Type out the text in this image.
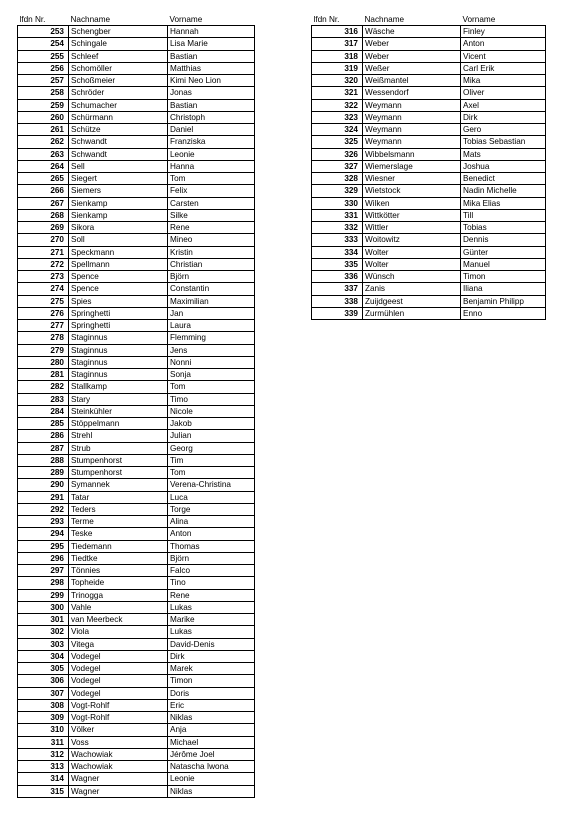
lfdn Nr.	Nachname	Vorname
253	Schengber	Hannah
254	Schingale	Lisa Marie
255	Schleef	Bastian
256	Schomöller	Matthias
257	Schoßmeier	Kimi Neo Lion
258	Schröder	Jonas
259	Schumacher	Bastian
260	Schürmann	Christoph
261	Schütze	Daniel
262	Schwandt	Franziska
263	Schwandt	Leonie
264	Sell	Hanna
265	Siegert	Tom
266	Siemers	Felix
267	Sienkamp	Carsten
268	Sienkamp	Silke
269	Sikora	Rene
270	Soll	Mineo
271	Speckmann	Kristin
272	Spellmann	Christian
273	Spence	Björn
274	Spence	Constantin
275	Spies	Maximilian
276	Springhetti	Jan
277	Springhetti	Laura
278	Staginnus	Flemming
279	Staginnus	Jens
280	Staginnus	Nonni
281	Staginnus	Sonja
282	Stallkamp	Tom
283	Stary	Timo
284	Steinkühler	Nicole
285	Stöppelmann	Jakob
286	Strehl	Julian
287	Strub	Georg
288	Stumpenhorst	Tim
289	Stumpenhorst	Tom
290	Symannek	Verena-Christina
291	Tatar	Luca
292	Teders	Torge
293	Terme	Alina
294	Teske	Anton
295	Tiedemann	Thomas
296	Tiedtke	Björn
297	Tönnies	Falco
298	Topheide	Tino
299	Trinogga	Rene
300	Vahle	Lukas
301	van Meerbeck	Marike
302	Viola	Lukas
303	Vitega	David-Denis
304	Vodegel	Dirk
305	Vodegel	Marek
306	Vodegel	Timon
307	Vodegel	Doris
308	Vogt-Rohlf	Eric
309	Vogt-Rohlf	Niklas
310	Völker	Anja
311	Voss	Michael
312	Wachowiak	Jérôme Joel
313	Wachowiak	Natascha Iwona
314	Wagner	Leonie
315	Wagner	Niklas
lfdn Nr.	Nachname	Vorname
316	Wäsche	Finley
317	Weber	Anton
318	Weber	Vicent
319	Weßer	Carl Erik
320	Weißmantel	Mika
321	Wessendorf	Oliver
322	Weymann	Axel
323	Weymann	Dirk
324	Weymann	Gero
325	Weymann	Tobias Sebastian
326	Wibbelsmann	Mats
327	Wiemerslage	Joshua
328	Wiesner	Benedict
329	Wietstock	Nadin Michelle
330	Wilken	Mika Elias
331	Wittkötter	Till
332	Wittler	Tobias
333	Woitowitz	Dennis
334	Wolter	Günter
335	Wolter	Manuel
336	Wünsch	Timon
337	Zanis	Iliana
338	Zuijdgeest	Benjamin Philipp
339	Zurmühlen	Enno
